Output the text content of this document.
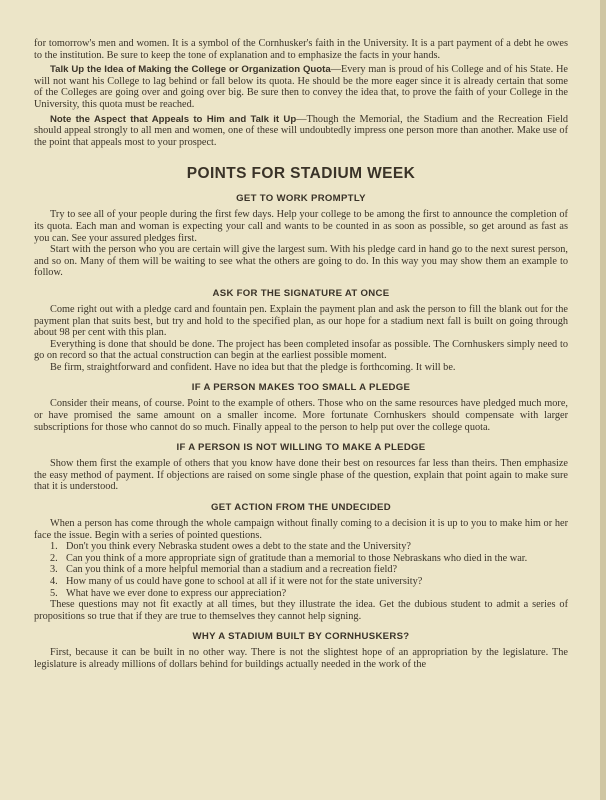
for tomorrow's men and women. It is a symbol of the Cornhusker's faith in the University. It is a part payment of a debt he owes to the institution. Be sure to keep the tone of explanation and to emphasize the facts in your hands.

Talk Up the Idea of Making the College or Organization Quota—Every man is proud of his College and of his State. He will not want his College to lag behind or fall below its quota. He should be the more eager since it is already certain that some of the Colleges are going over and going over big. Be sure then to convey the idea that, to prove the faith of your College in the University, this quota must be reached.

Note the Aspect that Appeals to Him and Talk it Up—Though the Memorial, the Stadium and the Recreation Field should appeal strongly to all men and women, one of these will undoubtedly impress one person more than another. Make use of the point that appeals most to your prospect.

POINTS FOR STADIUM WEEK
GET TO WORK PROMPTLY

Try to see all of your people during the first few days. Help your college to be among the first to announce the completion of its quota. Each man and woman is expecting your call and wants to be counted in as soon as possible, so get around as fast as you can. See your assured pledges first.

Start with the person who you are certain will give the largest sum. With his pledge card in hand go to the next surest person, and so on. Many of them will be waiting to see what the others are going to do. In this way you may show them an example to follow.

ASK FOR THE SIGNATURE AT ONCE

Come right out with a pledge card and fountain pen. Explain the payment plan and ask the person to fill the blank out for the payment plan that suits best, but try and hold to the specified plan, as our hope for a stadium next fall is built on going through about 98 per cent with this plan.

Everything is done that should be done. The project has been completed insofar as possible. The Cornhuskers simply need to go on record so that the actual construction can begin at the earliest possible moment.

Be firm, straightforward and confident. Have no idea but that the pledge is forthcoming. It will be.

IF A PERSON MAKES TOO SMALL A PLEDGE

Consider their means, of course. Point to the example of others. Those who on the same resources have pledged much more, or have promised the same amount on a smaller income. More fortunate Cornhuskers should compensate with larger subscriptions for those who cannot do so much. Finally appeal to the person to help put over the college quota.

IF A PERSON IS NOT WILLING TO MAKE A PLEDGE

Show them first the example of others that you know have done their best on resources far less than theirs. Then emphasize the easy method of payment. If objections are raised on some single phase of the question, explain that point again to make sure that it is understood.

GET ACTION FROM THE UNDECIDED

When a person has come through the whole campaign without finally coming to a decision it is up to you to make him or her face the issue. Begin with a series of pointed questions.

1. Don't you think every Nebraska student owes a debt to the state and the University?
2. Can you think of a more appropriate sign of gratitude than a memorial to those Nebraskans who died in the war.
3. Can you think of a more helpful memorial than a stadium and a recreation field?
4. How many of us could have gone to school at all if it were not for the state university?
5. What have we ever done to express our appreciation?

These questions may not fit exactly at all times, but they illustrate the idea. Get the dubious student to admit a series of propositions so true that if they are true to themselves they cannot help signing.

WHY A STADIUM BUILT BY CORNHUSKERS?

First, because it can be built in no other way. There is not the slightest hope of an appropriation by the legislature. The legislature is already millions of dollars behind for buildings actually needed in the work of the
